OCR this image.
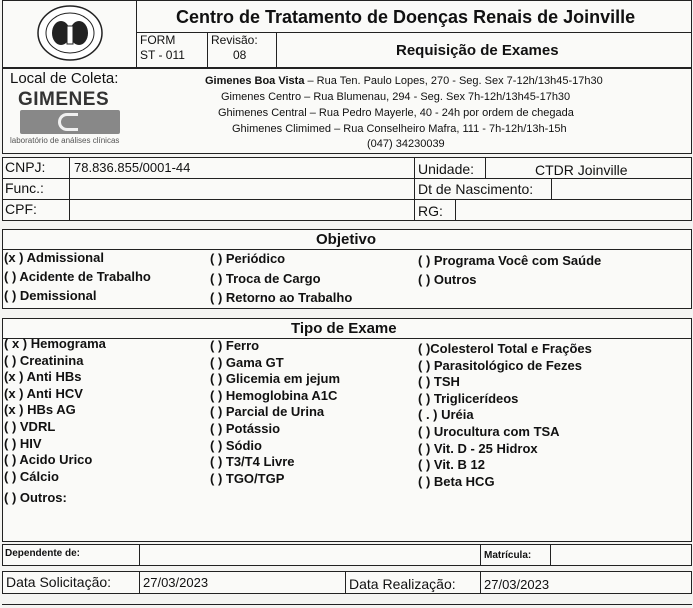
Centro de Tratamento de Doenças Renais de Joinville
FORM
ST - 011
Revisão:
08	Requisição de Exames
Local de Coleta:
GIMENES
laboratório de análises clínicas
Gimenes Boa Vista – Rua Ten. Paulo Lopes, 270 - Seg. Sex 7-12h/13h45-17h30
Gimenes Centro – Rua Blumenau, 294 - Seg. Sex 7h-12h/13h45-17h30
Ghimenes Central – Rua Pedro Mayerle, 40 - 24h por ordem de chegada
Ghimenes Climimed – Rua Conselheiro Mafra, 111 - 7h-12h/13h-15h
(047) 34230039
CNPJ: 78.836.855/0001-44	Unidade:	CTDR Joinville
Func.:	Dt de Nascimento:
CPF:	RG:
Objetivo
(x ) Admissional
( ) Acidente de Trabalho
( ) Demissional
( ) Periódico
( ) Troca de Cargo
( ) Retorno ao Trabalho
( ) Programa Você com Saúde
( ) Outros
Tipo de Exame
( x ) Hemograma
( ) Creatinina
(x ) Anti HBs
(x ) Anti HCV
(x ) HBs AG
( ) VDRL
( ) HIV
( ) Acido Urico
( ) Cálcio
( ) Ferro
( ) Gama GT
( ) Glicemia em jejum
( ) Hemoglobina A1C
( ) Parcial de Urina
( ) Potássio
( ) Sódio
( ) T3/T4 Livre
( ) TGO/TGP
( )Colesterol Total e Frações
( ) Parasitológico de Fezes
( ) TSH
( ) Triglicerídeos
( . ) Uréia
( ) Urocultura com TSA
( ) Vit. D - 25 Hidrox
( ) Vit. B 12
( ) Beta HCG
( ) Outros:
Dependente de:	Matrícula:
Data Solicitação: 27/03/2023	Data Realização: 27/03/2023
